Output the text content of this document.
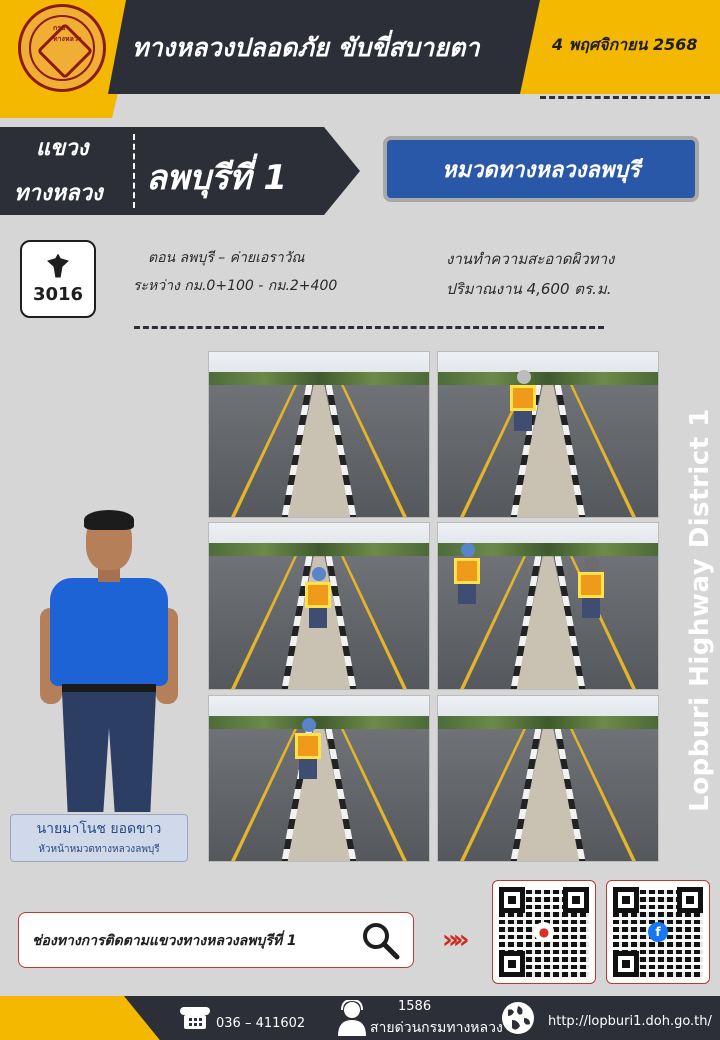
กรมทางหลวง	ทางหลวงปลอดภัย ขับขี่สบายตา	4 พฤศจิกายน 2568
แขวง
ทางหลวง ลพบุรีที่ 1	หมวดทางหลวงลพบุรี
3016
ตอน ลพบุรี – ค่ายเอราวัณ
ระหว่าง กม.0+100 - กม.2+400
งานทำความสะอาดผิวทาง
ปริมาณงาน 4,600 ตร.ม.
Lopburi Highway District 1
นายมาโนช ยอดขาว
หัวหน้าหมวดทางหลวงลพบุรี
ช่องทางการติดตามแขวงทางหลวงลพบุรีที่ 1	»»	●	f
036 – 411602
1586
สายด่วนกรมทางหลวง	http://lopburi1.doh.go.th/
